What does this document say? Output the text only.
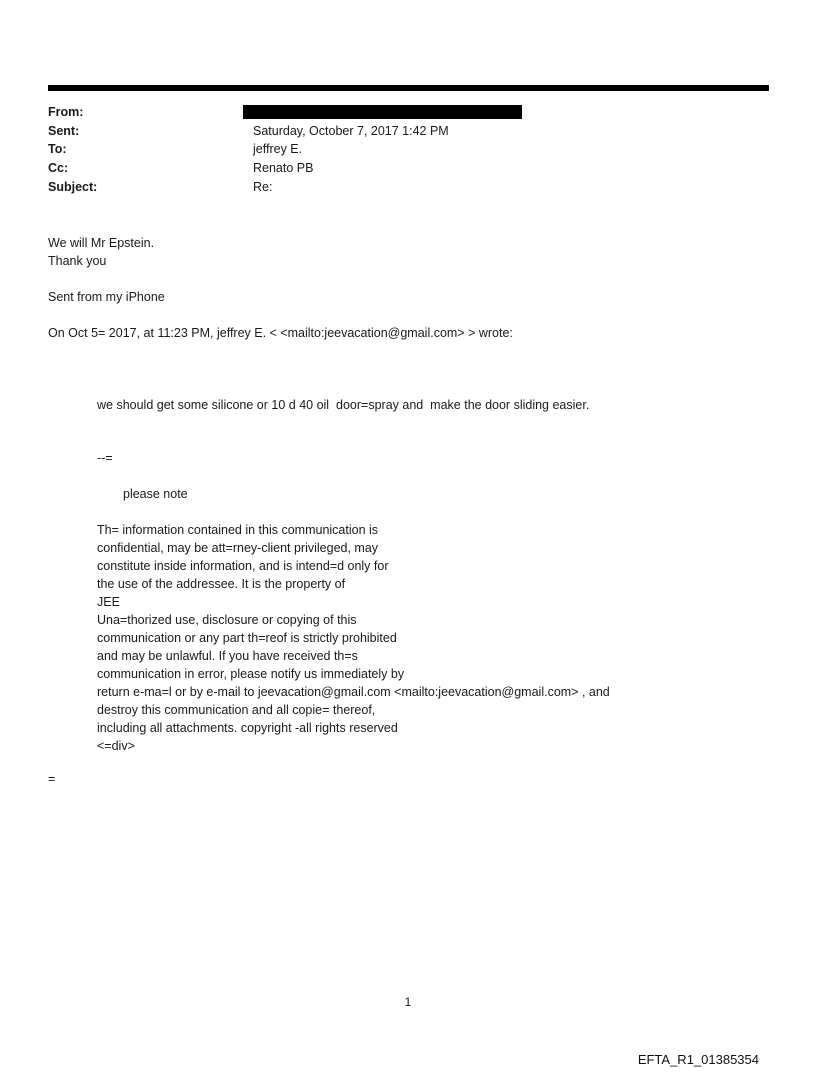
From:
Sent:	Saturday, October 7, 2017 1:42 PM
To:	jeffrey E.
Cc:	Renato PB
Subject:	Re:
We will Mr Epstein.
Thank you
Sent from my iPhone
On Oct 5= 2017, at 11:23 PM, jeffrey E. < <mailto:jeevacation@gmail.com> > wrote:
we should get some silicone or 10 d 40 oil  door=spray and  make the door sliding easier.
--=
please note
Th= information contained in this communication is
confidential, may be att=rney-client privileged, may
constitute inside information, and is intend=d only for
the use of the addressee. It is the property of
JEE
Una=thorized use, disclosure or copying of this
communication or any part th=reof is strictly prohibited
and may be unlawful. If you have received th=s
communication in error, please notify us immediately by
return e-ma=l or by e-mail to jeevacation@gmail.com <mailto:jeevacation@gmail.com> , and
destroy this communication and all copie= thereof,
including all attachments. copyright -all rights reserved
<=div>
=
1
EFTA_R1_01385354
